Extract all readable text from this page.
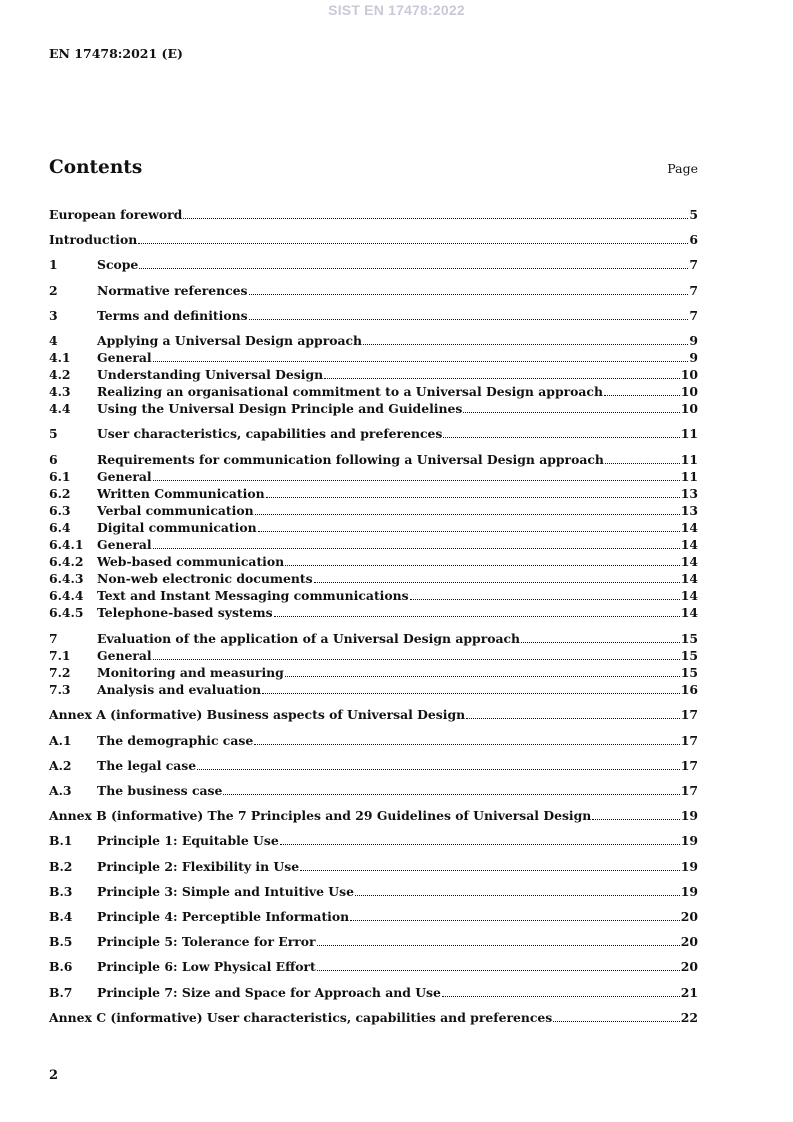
SIST EN 17478:2022
EN 17478:2021 (E)
Contents	Page
European foreword	5
Introduction	6
1	Scope	7
2	Normative references	7
3	Terms and definitions	7
4	Applying a Universal Design approach	9
4.1	General	9
4.2	Understanding Universal Design	10
4.3	Realizing an organisational commitment to a Universal Design approach	10
4.4	Using the Universal Design Principle and Guidelines	10
5	User characteristics, capabilities and preferences	11
6	Requirements for communication following a Universal Design approach	11
6.1	General	11
6.2	Written Communication	13
6.3	Verbal communication	13
6.4	Digital communication	14
6.4.1	General	14
6.4.2	Web-based communication	14
6.4.3	Non-web electronic documents	14
6.4.4	Text and Instant Messaging communications	14
6.4.5	Telephone-based systems	14
7	Evaluation of the application of a Universal Design approach	15
7.1	General	15
7.2	Monitoring and measuring	15
7.3	Analysis and evaluation	16
Annex A (informative) Business aspects of Universal Design	17
A.1	The demographic case	17
A.2	The legal case	17
A.3	The business case	17
Annex B (informative) The 7 Principles and 29 Guidelines of Universal Design	19
B.1	Principle 1: Equitable Use	19
B.2	Principle 2: Flexibility in Use	19
B.3	Principle 3: Simple and Intuitive Use	19
B.4	Principle 4: Perceptible Information	20
B.5	Principle 5: Tolerance for Error	20
B.6	Principle 6: Low Physical Effort	20
B.7	Principle 7: Size and Space for Approach and Use	21
Annex C (informative) User characteristics, capabilities and preferences	22
2
